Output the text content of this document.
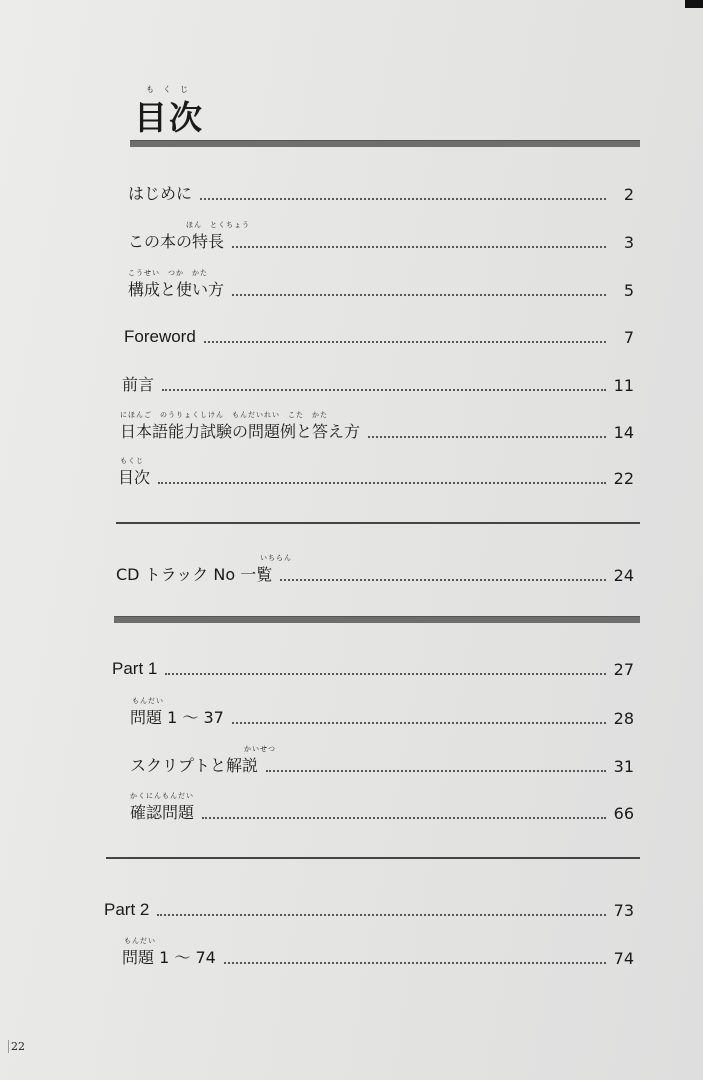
もくじ
目次
はじめに	2
ほん　とくちょう
この本の特長	3
こうせい　つか　かた
構成と使い方	5
Foreword	7
前言	11
にほんご　のうりょくしけん　もんだいれい　こた　かた
日本語能力試験の問題例と答え方	14
もくじ
目次	22
いちらん
CD トラック No 一覧	24
Part 1	27
もんだい
問題 1 ～ 37	28
かいせつ
スクリプトと解説	31
かくにんもんだい
確認問題	66
Part 2	73
もんだい
問題 1 ～ 74	74
22
